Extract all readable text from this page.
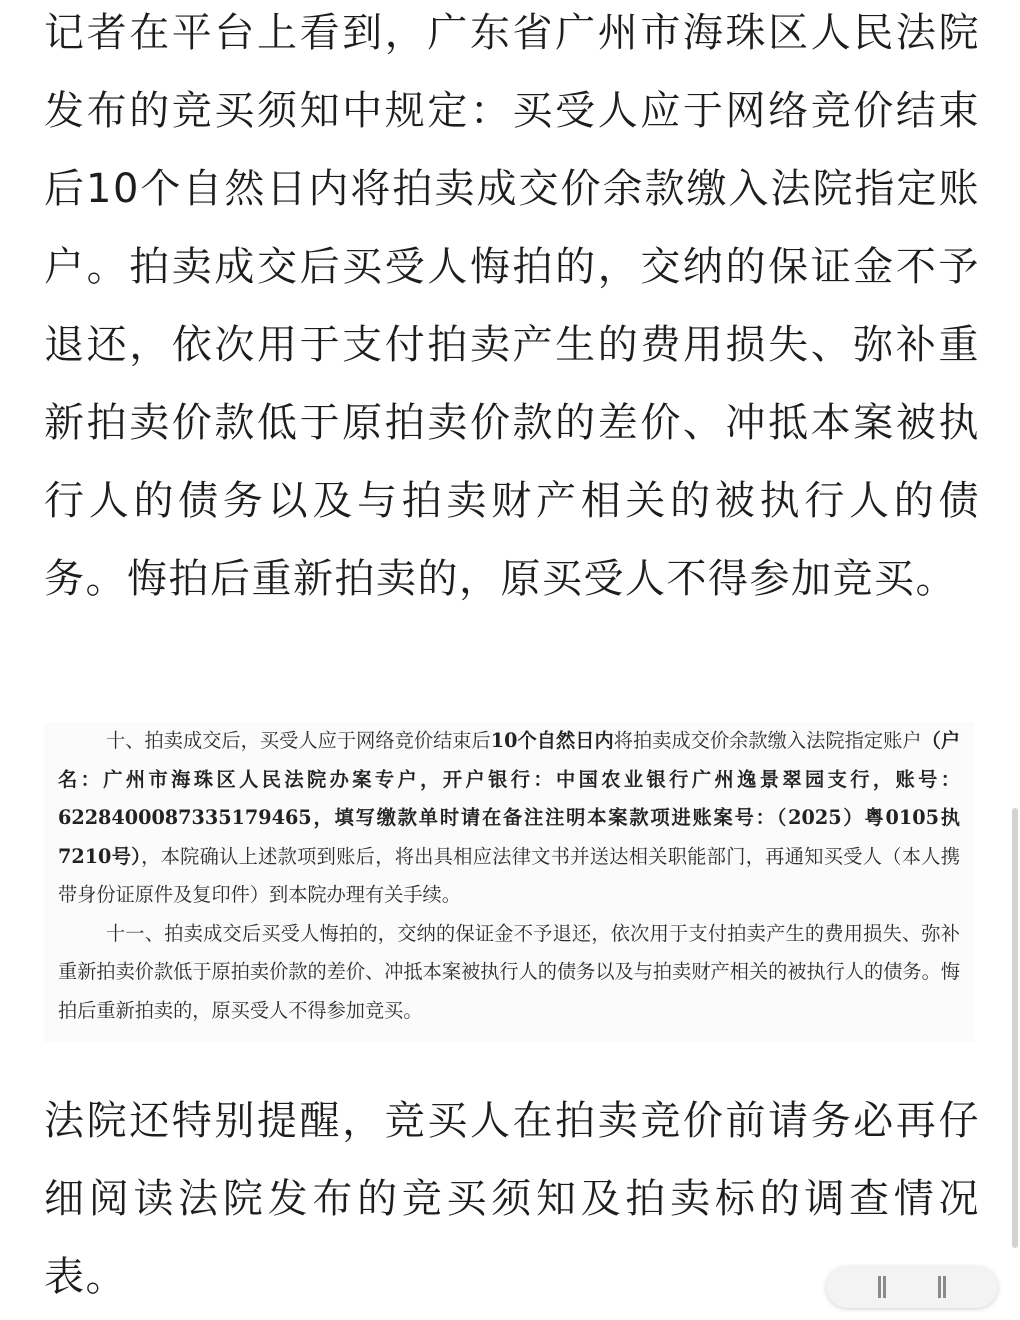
记者在平台上看到，广东省广州市海珠区人民法院发布的竞买须知中规定：买受人应于网络竞价结束后10个自然日内将拍卖成交价余款缴入法院指定账户。拍卖成交后买受人悔拍的，交纳的保证金不予退还，依次用于支付拍卖产生的费用损失、弥补重新拍卖价款低于原拍卖价款的差价、冲抵本案被执行人的债务以及与拍卖财产相关的被执行人的债务。悔拍后重新拍卖的，原买受人不得参加竞买。

十、拍卖成交后，买受人应于网络竞价结束后10个自然日内将拍卖成交价余款缴入法院指定账户（户名：广州市海珠区人民法院办案专户，开户银行：中国农业银行广州逸景翠园支行，账号：6228400087335179465，填写缴款单时请在备注注明本案款项进账案号：（2025）粤0105执7210号），本院确认上述款项到账后，将出具相应法律文书并送达相关职能部门，再通知买受人（本人携带身份证原件及复印件）到本院办理有关手续。

十一、拍卖成交后买受人悔拍的，交纳的保证金不予退还，依次用于支付拍卖产生的费用损失、弥补重新拍卖价款低于原拍卖价款的差价、冲抵本案被执行人的债务以及与拍卖财产相关的被执行人的债务。悔拍后重新拍卖的，原买受人不得参加竞买。

法院还特别提醒，竞买人在拍卖竞价前请务必再仔细阅读法院发布的竞买须知及拍卖标的调查情况表。
